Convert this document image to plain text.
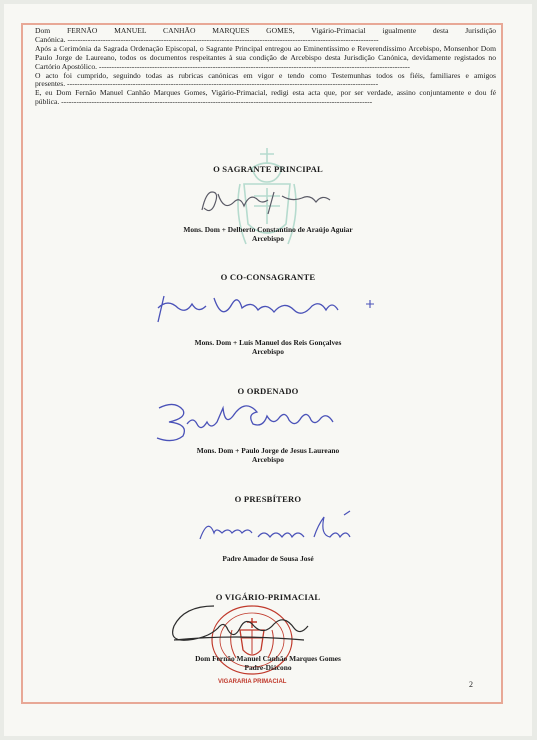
Dom FERNÃO MANUEL CANHÃO MARQUES GOMES, Vigário-Primacial igualmente desta Jurisdição Canónica. -----

Após a Cerimónia da Sagrada Ordenação Episcopal, o Sagrante Principal entregou ao Eminentíssimo e Reverendíssimo Arcebispo, Monsenhor Dom Paulo Jorge de Laureano, todos os documentos respeitantes à sua condição de Arcebispo desta Jurisdição Canónica, devidamente registados no Cartório Apostólico. -----

O acto foi cumprido, seguindo todas as rubricas canónicas em vigor e tendo como Testemunhas todos os fiéis, familiares e amigos presentes. -----

E, eu Dom Fernão Manuel Canhão Marques Gomes, Vigário-Primacial, redigi esta acta que, por ser verdade, assino conjuntamente e dou fé pública. -----

O SAGRANTE PRINCIPAL
Mons. Dom + Delberto Constantino de Araújo Aguiar
Arcebispo
O CO-CONSAGRANTE
Mons. Dom + Luís Manuel dos Reis Gonçalves
Arcebispo
O ORDENADO
Mons. Dom + Paulo Jorge de Jesus Laureano
Arcebispo
O PRESBÍTERO
Padre Amador de Sousa José
O VIGÁRIO-PRIMACIAL
Dom Fernão Manuel Canhão Marques Gomes
Padre-Diácono
VIGARARIA PRIMACIAL	2
